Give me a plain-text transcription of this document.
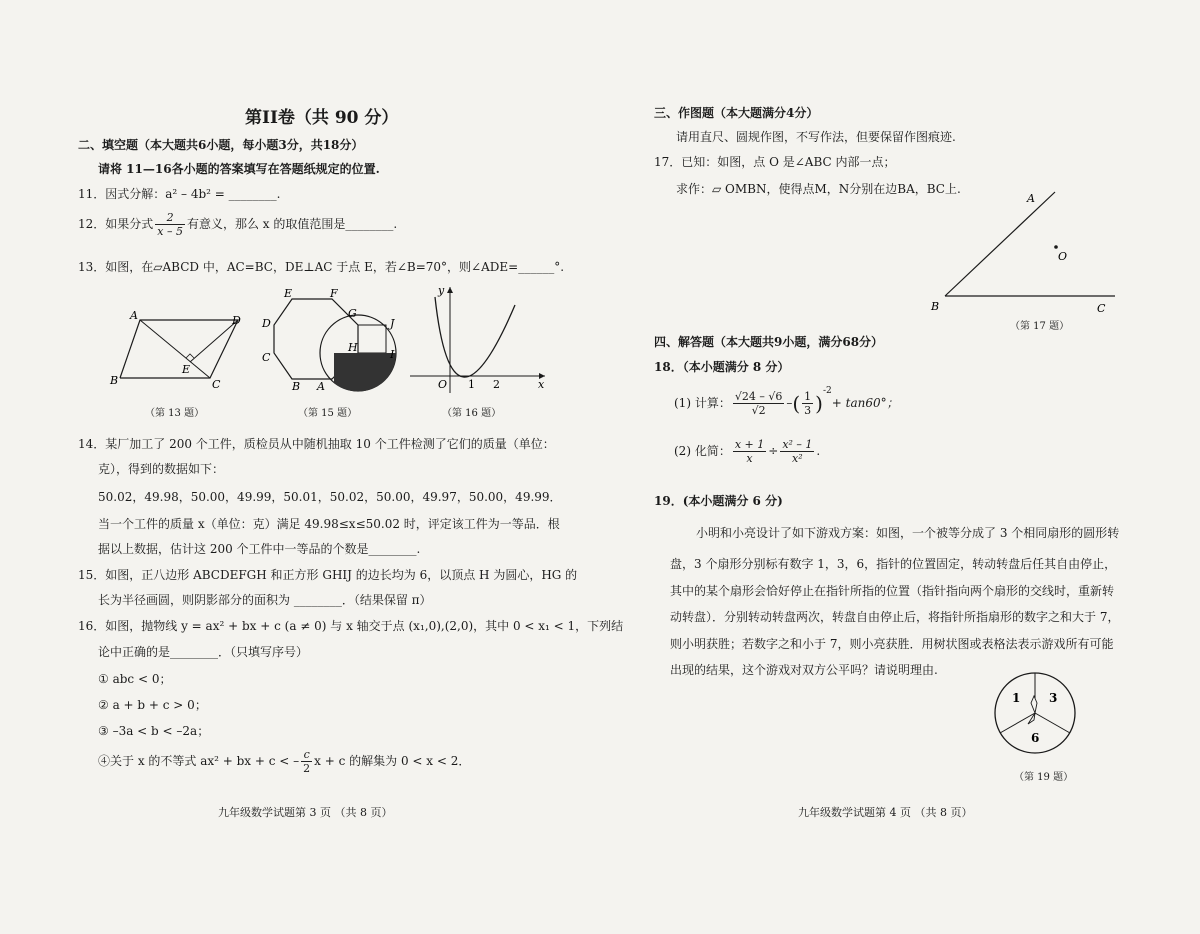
第II卷（共 90 分）
二、填空题（本大题共6小题，每小题3分，共18分）
请将 11—16各小题的答案填写在答题纸规定的位置.
11．因式分解：a² – 4b² = ________.
12．如果分式 $\frac{2}{x - 5}$ 有意义，那么 x 的取值范围是________.
13．如图，在▱ABCD 中，AC=BC，DE⊥AC 于点 E，若∠B=70°，则∠ADE=______°.
A
B	C
D
E
（第 13 题）
E	F
D
C
B A
G
J
H
I
（第 15 题）
y
x
O 1 2
（第 16 题）
14．某厂加工了 200 个工件，质检员从中随机抽取 10 个工件检测了它们的质量（单位：
克），得到的数据如下：
50.02，49.98，50.00，49.99，50.01，50.02，50.00，49.97，50.00，49.99．
当一个工件的质量 x（单位：克）满足 49.98≤x≤50.02 时，评定该工件为一等品．根
据以上数据，估计这 200 个工件中一等品的个数是________.
15．如图，正八边形 ABCDEFGH 和正方形 GHIJ 的边长均为 6，以顶点 H 为圆心，HG 的
长为半径画圆，则阴影部分的面积为 ________．（结果保留 π）
16．如图，抛物线 y = ax² + bx + c (a ≠ 0) 与 x 轴交于点 (x₁,0),(2,0)，其中 0 < x₁ < 1，下列结
论中正确的是________．（只填写序号）
① abc < 0；
② a + b + c > 0；
③ –3a < b < –2a；
④关于 x 的不等式 ax² + bx + c < – $\frac{c}{2}$ x + c 的解集为 0 < x < 2．
九年级数学试题第 3 页 （共 8 页）
三、作图题（本大题满分4分）
请用直尺、圆规作图，不写作法，但要保留作图痕迹.
17．已知：如图，点 O 是∠ABC 内部一点；
求作：▱ OMBN，使得点M，N分别在边BA，BC上.
A
B	C
O
（第 17 题）
四、解答题（本大题共9小题，满分68分）
18．（本小题满分 8 分）
(1) 计算： $\frac{√24 - √6}{√2}$ –( $\frac{1}{3} )^{-2}+ \tan 60^\circ$；
(2) 化简： $\frac{x + 1}{x} \div \frac{\text{x² – 1}}{\text{x²}}$ .
19．(本小题满分 6 分)
小明和小亮设计了如下游戏方案：如图，一个被等分成了 3 个相同扇形的圆形转
盘，3 个扇形分别标有数字 1，3，6，指针的位置固定，转动转盘后任其自由停止，
其中的某个扇形会恰好停止在指针所指的位置（指针指向两个扇形的交线时，重新转
动转盘）．分别转动转盘两次，转盘自由停止后，将指针所指扇形的数字之和大于 7，
则小明获胜；若数字之和小于 7，则小亮获胜．用树状图或表格法表示游戏所有可能
出现的结果，这个游戏对双方公平吗？请说明理由.
1 3
6
（第 19 题）
九年级数学试题第 4 页 （共 8 页）
